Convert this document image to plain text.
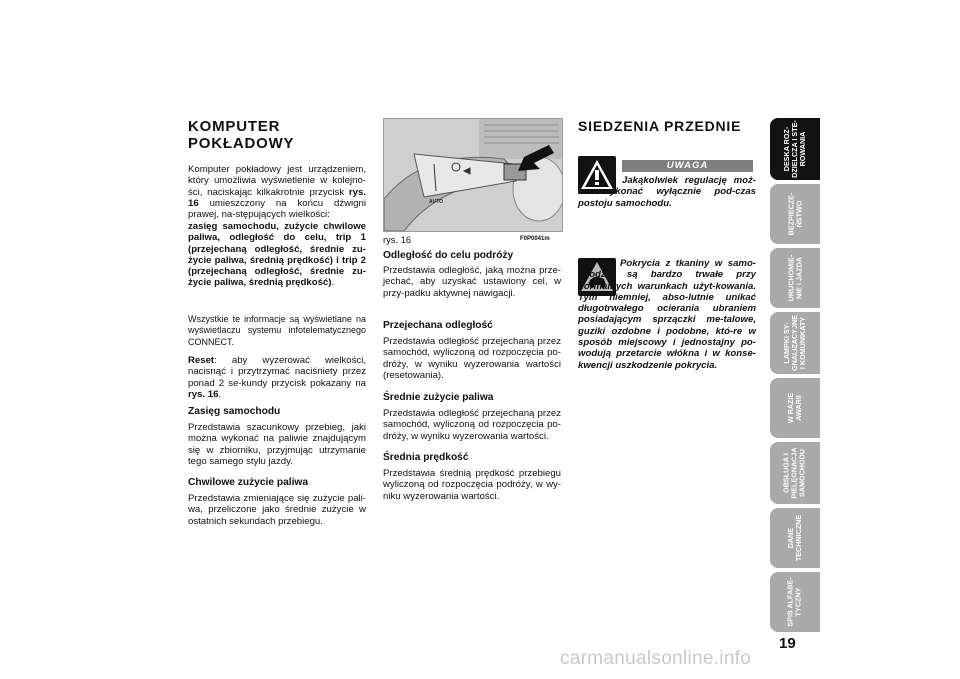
KOMPUTER
POKŁADOWY
Komputer pokładowy jest urządzeniem, który umożliwia wyświetlenie w kolejno-ści, naciskając kilkakrotnie przycisk rys. 16 umieszczony na końcu dźwigni prawej, na-stępujących wielkości:
zasięg samochodu, zużycie chwilowe paliwa, odległość do celu, trip 1 (przejechaną odległość, średnie zu-życie paliwa, średnią prędkość) i trip 2 (przejechaną odległość, średnie zu-życie paliwa, średnią prędkość).
Wszystkie te informacje są wyświetlane na wyświetlaczu systemu infotelematycznego CONNECT.
Reset: aby wyzerować wielkości, nacisnąć i przytrzymać naciśniety przez ponad 2 se-kundy przycisk pokazany na rys. 16.
Zasięg samochodu
Przedstawia szacunkowy przebieg, jaki można wykonać na paliwie znajdującym się w zbiorniku, przyjmując utrzymanie tego samego stylu jazdy.
Chwilowe zużycie paliwa
Przedstawia zmieniające się zużycie pali-wa, przeliczone jako średnie zużycie w ostatnich sekundach przebiegu.
AUTO
rys. 16	F0P0041m
Odległość do celu podróży
Przedstawia odległość, jaką można prze-jechać, aby uzyskać ustawiony cel, w przy-padku aktywnej nawigacji.
Przejechana odległość
Przedstawia odległość przejechaną przez samochód, wyliczoną od rozpoczęcia po-dróży, w wyniku wyzerowania wartości (resetowania).
Średnie zużycie paliwa
Przedstawia odległość przejechaną przez samochód, wyliczoną od rozpoczęcia po-dróży, w wyniku wyzerowania wartości.
Średnia prędkość
Przedstawia średnią prędkość przebiegu wyliczoną od rozpoczęcia podróży, w wy-niku wyzerowania wartości.
SIEDZENIA PRZEDNIE
UWAGA
Jakąkolwiek regulację moż-na wykonać wyłącznie pod-czas postoju samochodu.
Pokrycia z tkaniny w samo-chodzie są bardzo trwałe przy normalnych warunkach użyt-kowania. Tym niemniej, abso-lutnie unikać długotrwałego ocierania ubraniem posiadającym sprzączki me-talowe, guziki ozdobne i podobne, któ-re w sposób miejscowy i jednostajny po-wodują przetarcie włókna i w konse-kwencji uszkodzenie pokrycia.
DESKA ROZ-
DZIELCZA I STE-
ROWANIA
BEZPIECZE-
ŃSTWO
URUCHOMIE-
NIE I JAZDA
LAMPKI SY-
GNALIZACYJNE
I KOMUNIKATY
W RAZIE
AWARII
OBSŁUGA I
PIELĘGNACJA
SAMOCHODU
DANE
TECHNICZNE
SPIS ALFABE-
TYCZNY
19
carmanualsonline.info
